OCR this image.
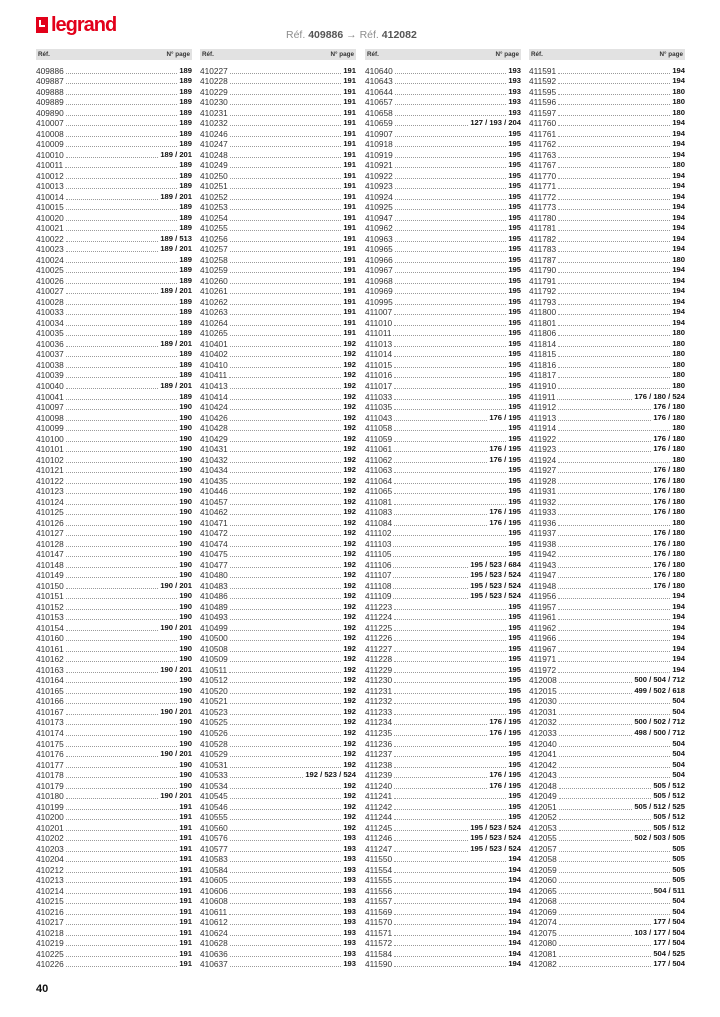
legrand	Réf. 409886 → Réf. 412082
Réf.	N° page
409886	189
409887	189
409888	189
409889	189
409890	189
410007	189
410008	189
410009	189
410010	189 / 201
410011	189
410012	189
410013	189
410014	189 / 201
410015	189
410020	189
410021	189
410022	189 / 513
410023	189 / 201
410024	189
410025	189
410026	189
410027	189 / 201
410028	189
410033	189
410034	189
410035	189
410036	189 / 201
410037	189
410038	189
410039	189
410040	189 / 201
410041	189
410097	190
410098	190
410099	190
410100	190
410101	190
410102	190
410121	190
410122	190
410123	190
410124	190
410125	190
410126	190
410127	190
410128	190
410147	190
410148	190
410149	190
410150	190 / 201
410151	190
410152	190
410153	190
410154	190 / 201
410160	190
410161	190
410162	190
410163	190 / 201
410164	190
410165	190
410166	190
410167	190 / 201
410173	190
410174	190
410175	190
410176	190 / 201
410177	190
410178	190
410179	190
410180	190 / 201
410199	191
410200	191
410201	191
410202	191
410203	191
410204	191
410212	191
410213	191
410214	191
410215	191
410216	191
410217	191
410218	191
410219	191
410225	191
410226	191
Réf.	N° page
410227	191
410228	191
410229	191
410230	191
410231	191
410232	191
410246	191
410247	191
410248	191
410249	191
410250	191
410251	191
410252	191
410253	191
410254	191
410255	191
410256	191
410257	191
410258	191
410259	191
410260	191
410261	191
410262	191
410263	191
410264	191
410265	191
410401	192
410402	192
410410	192
410411	192
410413	192
410414	192
410424	192
410426	192
410428	192
410429	192
410431	192
410432	192
410434	192
410435	192
410446	192
410457	192
410462	192
410471	192
410472	192
410474	192
410475	192
410477	192
410480	192
410483	192
410486	192
410489	192
410493	192
410499	192
410500	192
410508	192
410509	192
410511	192
410512	192
410520	192
410521	192
410523	192
410525	192
410526	192
410528	192
410529	192
410531	192
410533	192 / 523 / 524
410534	192
410545	192
410546	192
410555	192
410560	192
410576	193
410577	193
410583	193
410584	193
410605	193
410606	193
410608	193
410611	193
410612	193
410624	193
410628	193
410636	193
410637	193
Réf.	N° page
410640	193
410643	193
410644	193
410657	193
410658	193
410659	127 / 193 / 204
410907	195
410918	195
410919	195
410921	195
410922	195
410923	195
410924	195
410925	195
410947	195
410962	195
410963	195
410965	195
410966	195
410967	195
410968	195
410969	195
410995	195
411007	195
411010	195
411011	195
411013	195
411014	195
411015	195
411016	195
411017	195
411033	195
411035	195
411043	176 / 195
411058	195
411059	195
411061	176 / 195
411062	176 / 195
411063	195
411064	195
411065	195
411081	195
411083	176 / 195
411084	176 / 195
411102	195
411103	195
411105	195
411106	195 / 523 / 684
411107	195 / 523 / 524
411108	195 / 523 / 524
411109	195 / 523 / 524
411223	195
411224	195
411225	195
411226	195
411227	195
411228	195
411229	195
411230	195
411231	195
411232	195
411233	195
411234	176 / 195
411235	176 / 195
411236	195
411237	195
411238	195
411239	176 / 195
411240	176 / 195
411241	195
411242	195
411244	195
411245	195 / 523 / 524
411246	195 / 523 / 524
411247	195 / 523 / 524
411550	194
411554	194
411555	194
411556	194
411557	194
411569	194
411570	194
411571	194
411572	194
411584	194
411590	194
Réf.	N° page
411591	194
411592	194
411595	180
411596	180
411597	180
411760	194
411761	194
411762	194
411763	194
411767	180
411770	194
411771	194
411772	194
411773	194
411780	194
411781	194
411782	194
411783	194
411787	180
411790	194
411791	194
411792	194
411793	194
411800	194
411801	194
411806	180
411814	180
411815	180
411816	180
411817	180
411910	180
411911	176 / 180 / 524
411912	176 / 180
411913	176 / 180
411914	180
411922	176 / 180
411923	176 / 180
411924	180
411927	176 / 180
411928	176 / 180
411931	176 / 180
411932	176 / 180
411933	176 / 180
411936	180
411937	176 / 180
411938	176 / 180
411942	176 / 180
411943	176 / 180
411947	176 / 180
411948	176 / 180
411956	194
411957	194
411961	194
411962	194
411966	194
411967	194
411971	194
411972	194
412008	500 / 504 / 712
412015	499 / 502 / 618
412030	504
412031	504
412032	500 / 502 / 712
412033	498 / 500 / 712
412040	504
412041	504
412042	504
412043	504
412048	505 / 512
412049	505 / 512
412051	505 / 512 / 525
412052	505 / 512
412053	505 / 512
412055	502 / 503 / 505
412057	505
412058	505
412059	505
412060	505
412065	504 / 511
412068	504
412069	504
412074	177 / 504
412075	103 / 177 / 504
412080	177 / 504
412081	504 / 525
412082	177 / 504
40
